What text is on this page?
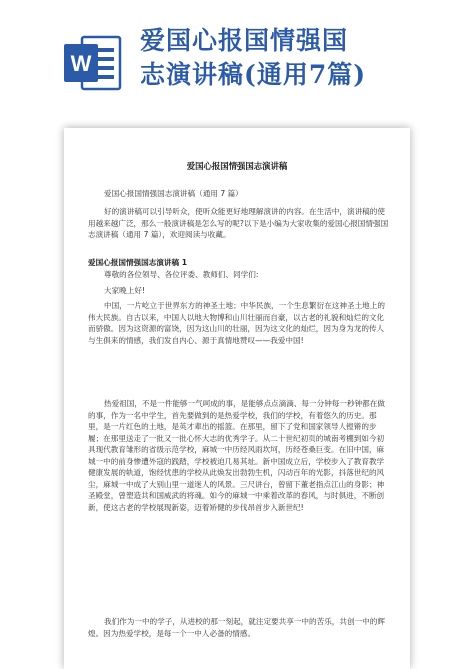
W
爱国心报国情强国
志演讲稿(通用7篇)
爱国心报国情强国志演讲稿

爱国心报国情强国志演讲稿（通用 7 篇）

好的演讲稿可以引导听众，使听众能更好地理解演讲的内容。在生活中，演讲稿的使用越来越广泛，那么一般演讲稿是怎么写的呢?以下是小编为大家收集的爱国心报国情强国志演讲稿（通用 7 篇），欢迎阅读与收藏。

爱国心报国情强国志演讲稿 1

尊敬的各位领导、各位评委、教师们、同学们:

大家晚上好!

中国，一片屹立于世界东方的神圣土地；中华民族，一个生息繁衍在这神圣土地上的伟大民族。自古以来，中国人以地大物博和山川壮丽而自豪，以古老的礼貌和灿烂的文化而骄傲。因为这资源的富饶，因为这山川的壮丽，因为这文化的灿烂，因为身为龙的传人与生俱来的情感，我们发自内心、源于真情地赞叹——我爱中国!

热爱祖国，不是一件能够一气呵成的事，是能够点点滴滴、每一分钟每一秒钟都在做的事，作为一名中学生，首先要做到的是热爱学校，我们的学校，有着悠久的历史。那里，是一片红色的土地，是英才辈出的摇篮。在那里，留下了党和国家领导人镗锵的步履；在那里送走了一批又一批心怀大志的优秀学子。从二十世纪初页的城南考棚到如今初具现代教育雏形的省级示范学校，麻城一中历经风雨坎坷，历经苍桑巨变。在旧中国，麻城一中的前身惨遭外寇的践踏，学校被迫几易其址。新中国成立后，学校步入了教育教学健康发展的轨道，饱经忧患的学校从此焕发出勃勃生机，闪动百年的光影，抖落世纪的风尘，麻城一中成了大别山里一道迷人的风景。三尺讲台，曾留下董老指点江山的身影；神圣殿堂，曾塑造共和国威武的将魂。如今的麻城一中乘着改革的春风，与时俱进，不断创新，使这古老的学校展现新姿，迈着矫健的步伐昂首步入新世纪!

我们作为一中的学子，从进校的那一刻起，就注定要共享一中的苦乐，共创一中的辉煌。因为热爱学校，是每一个一中人必备的情感。
